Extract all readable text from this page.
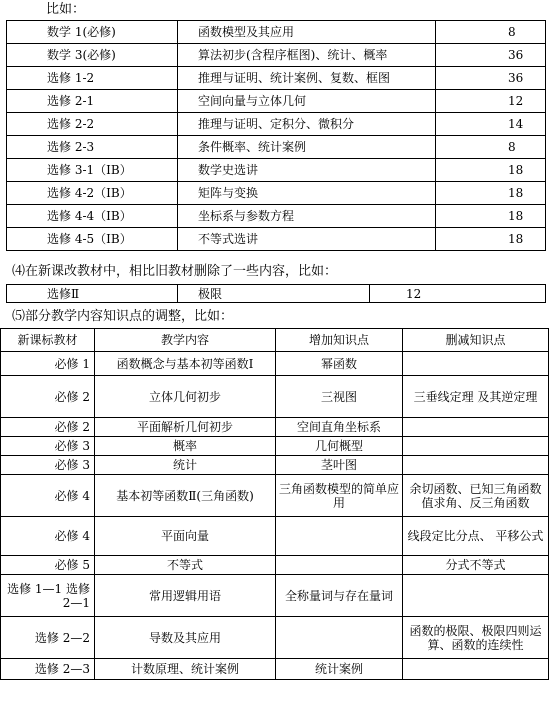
比如：
数学 1(必修)	函数模型及其应用	8
数学 3(必修)	算法初步(含程序框图)、统计、概率	36
选修 1-2	推理与证明、统计案例、复数、框图	36
选修 2-1	空间向量与立体几何	12
选修 2-2	推理与证明、定积分、微积分	14
选修 2-3	条件概率、统计案例	8
选修 3-1（IB）	数学史选讲	18
选修 4-2（IB）	矩阵与变换	18
选修 4-4（IB）	坐标系与参数方程	18
选修 4-5（IB）	不等式选讲	18
⑷在新课改教材中，相比旧教材删除了一些内容，比如：
选修Ⅱ	极限	12
⑸部分教学内容知识点的调整，比如：
新课标教材	教学内容	增加知识点	删减知识点
必修 1	函数概念与基本初等函数Ⅰ	幂函数	
必修 2	立体几何初步	三视图	三垂线定理 及其逆定理
必修 2	平面解析几何初步	空间直角坐标系	
必修 3	概率	几何概型	
必修 3	统计	茎叶图	
必修 4	基本初等函数Ⅱ(三角函数)	三角函数模型的简单应用	余切函数、已知三角函数值求角、反三角函数
必修 4	平面向量		线段定比分点、 平移公式
必修 5	不等式		分式不等式
选修 1—1 选修 2—1	常用逻辑用语	全称量词与存在量词	
选修 2—2	导数及其应用		函数的极限、极限四则运算、函数的连续性
选修 2—3	计数原理、统计案例	统计案例	
